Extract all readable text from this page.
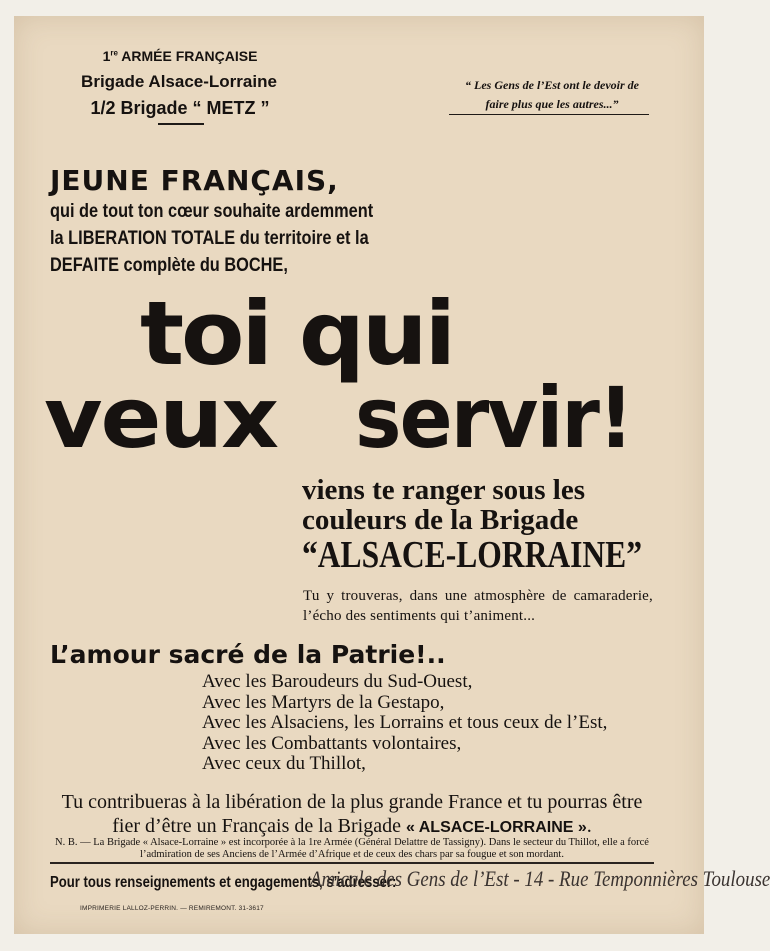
1re ARMÉE FRANÇAISE
Brigade Alsace-Lorraine
1/2 Brigade “ METZ ”
“ Les Gens de l’Est ont le devoir de faire plus que les autres...”
JEUNE FRANÇAIS,
qui de tout ton cœur souhaite ardemment
la LIBERATION TOTALE du territoire et la
DEFAITE complète du BOCHE,
toi qui
veux servir!
viens te ranger sous les
couleurs de la Brigade
“ALSACE-LORRAINE”
Tu y trouveras, dans une atmosphère de camaraderie, l’écho des sentiments qui t’animent...
L’amour sacré de la Patrie!..
Avec les Baroudeurs du Sud-Ouest,
Avec les Martyrs de la Gestapo,
Avec les Alsaciens, les Lorrains et tous ceux de l’Est,
Avec les Combattants volontaires,
Avec ceux du Thillot,
Tu contribueras à la libération de la plus grande France et tu pourras être fier d’être un Français de la Brigade « ALSACE-LORRAINE ».
N. B. — La Brigade « Alsace-Lorraine » est incorporée à la 1re Armée (Général Delattre de Tassigny). Dans le secteur du Thillot, elle a forcé l’admiration de ses Anciens de l’Armée d’Afrique et de ceux des chars par sa fougue et son mordant.
Pour tous renseignements et engagements, s’adresser:
Amicale des Gens de l’Est - 14 - Rue Temponnières Toulouse
IMPRIMERIE LALLOZ-PERRIN. — REMIREMONT. 31-3617
